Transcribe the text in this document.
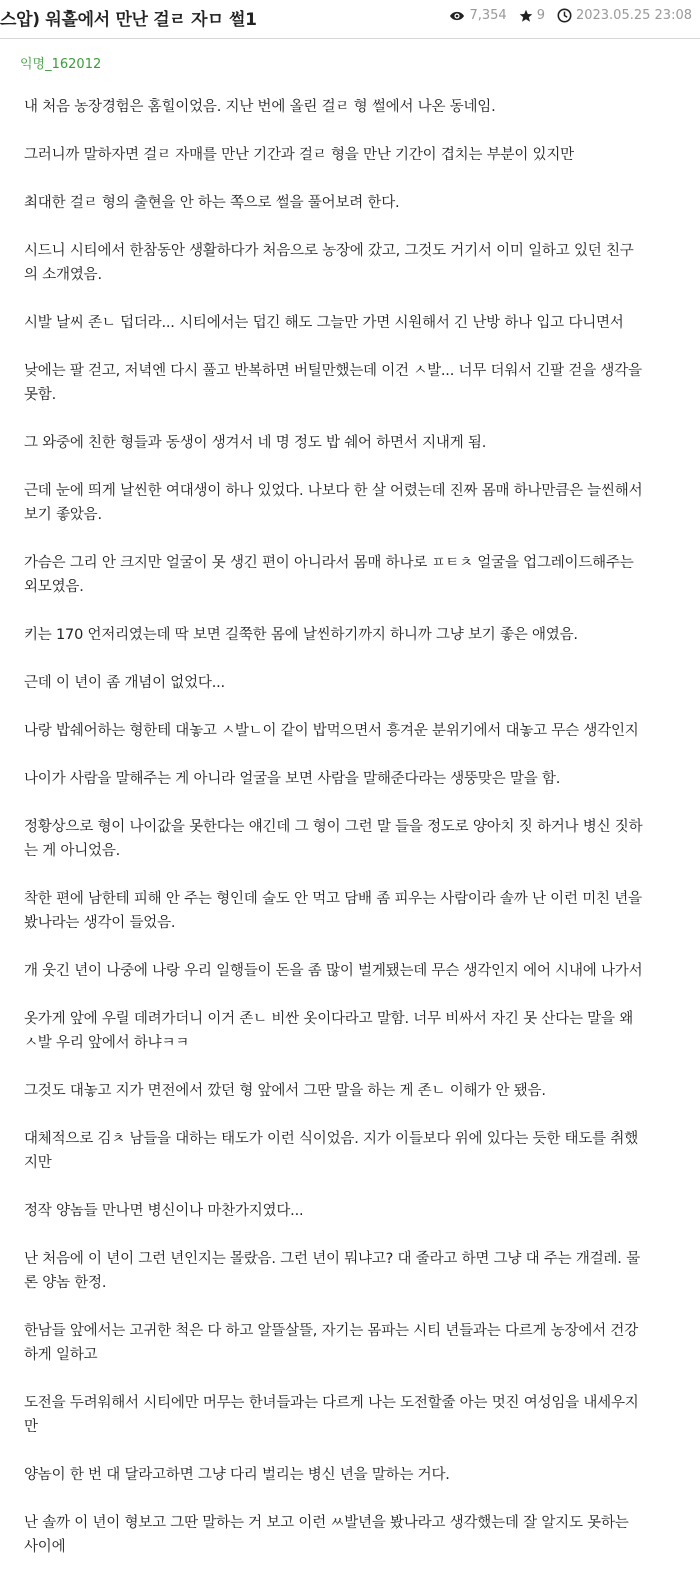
스압) 워홀에서 만난 걸ㄹ 자ㅁ 썰1	7,354 9 2023.05.25 23:08
익명_162012

내 처음 농장경험은 홈힐이었음. 지난 번에 올린 걸ㄹ 형 썰에서 나온 동네임.

그러니까 말하자면 걸ㄹ 자매를 만난 기간과 걸ㄹ 형을 만난 기간이 겹치는 부분이 있지만

최대한 걸ㄹ 형의 출현을 안 하는 쪽으로 썰을 풀어보려 한다.

시드니 시티에서 한참동안 생활하다가 처음으로 농장에 갔고, 그것도 거기서 이미 일하고 있던 친구의 소개였음.

시발 날씨 존ㄴ 덥더라... 시티에서는 덥긴 해도 그늘만 가면 시원해서 긴 난방 하나 입고 다니면서

낮에는 팔 걷고, 저녁엔 다시 풀고 반복하면 버틸만했는데 이건 ㅅ발... 너무 더워서 긴팔 걷을 생각을 못함.

그 와중에 친한 형들과 동생이 생겨서 네 명 정도 밥 쉐어 하면서 지내게 됨.

근데 눈에 띄게 날씬한 여대생이 하나 있었다. 나보다 한 살 어렸는데 진짜 몸매 하나만큼은 늘씬해서 보기 좋았음.

가슴은 그리 안 크지만 얼굴이 못 생긴 편이 아니라서 몸매 하나로 ㅍㅌㅊ 얼굴을 업그레이드해주는 외모였음.

키는 170 언저리였는데 딱 보면 길쭉한 몸에 날씬하기까지 하니까 그냥 보기 좋은 애였음.

근데 이 년이 좀 개념이 없었다...

나랑 밥쉐어하는 형한테 대놓고 ㅅ발ㄴ이 같이 밥먹으면서 흥겨운 분위기에서 대놓고 무슨 생각인지

나이가 사람을 말해주는 게 아니라 얼굴을 보면 사람을 말해준다라는 생뚱맞은 말을 함.

정황상으로 형이 나이값을 못한다는 얘긴데 그 형이 그런 말 들을 정도로 양아치 짓 하거나 병신 짓하는 게 아니었음.

착한 편에 남한테 피해 안 주는 형인데 술도 안 먹고 담배 좀 피우는 사람이라 솔까 난 이런 미친 년을 봤나라는 생각이 들었음.

개 웃긴 년이 나중에 나랑 우리 일행들이 돈을 좀 많이 벌게됐는데 무슨 생각인지 에어 시내에 나가서

옷가게 앞에 우릴 데려가더니 이거 존ㄴ 비싼 옷이다라고 말함. 너무 비싸서 자긴 못 산다는 말을 왜 ㅅ발 우리 앞에서 하냐ㅋㅋ

그것도 대놓고 지가 면전에서 깠던 형 앞에서 그딴 말을 하는 게 존ㄴ 이해가 안 됐음.

대체적으로 김ㅊ 남들을 대하는 태도가 이런 식이었음. 지가 이들보다 위에 있다는 듯한 태도를 취했지만

정작 양놈들 만나면 병신이나 마찬가지였다...

난 처음에 이 년이 그런 년인지는 몰랐음. 그런 년이 뭐냐고? 대 줄라고 하면 그냥 대 주는 개걸레. 물론 양놈 한정.

한남들 앞에서는 고귀한 척은 다 하고 알뜰살뜰, 자기는 몸파는 시티 년들과는 다르게 농장에서 건강하게 일하고

도전을 두려워해서 시티에만 머무는 한녀들과는 다르게 나는 도전할줄 아는 멋진 여성임을 내세우지만

양놈이 한 번 대 달라고하면 그냥 다리 벌리는 병신 년을 말하는 거다.

난 솔까 이 년이 형보고 그딴 말하는 거 보고 이런 ㅆ발년을 봤나라고 생각했는데 잘 알지도 못하는 사이에
